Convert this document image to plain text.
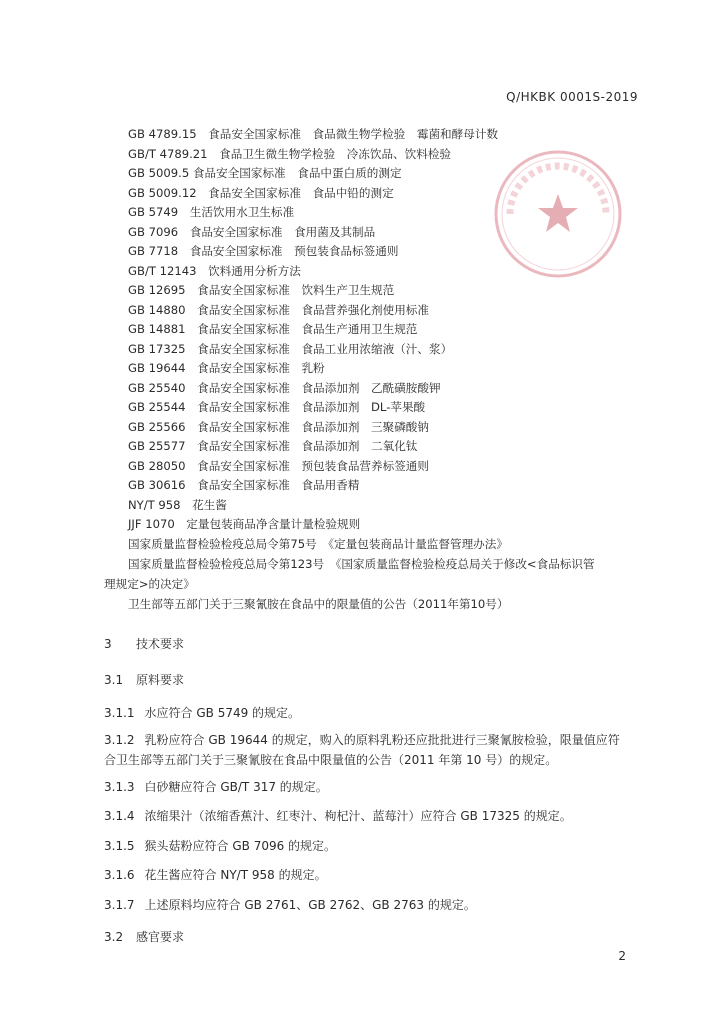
Q/HKBK 0001S-2019
GB 4789.15　食品安全国家标准　食品微生物学检验　霉菌和酵母计数
GB/T 4789.21　食品卫生微生物学检验　冷冻饮品、饮料检验
GB 5009.5 食品安全国家标准　食品中蛋白质的测定
GB 5009.12　食品安全国家标准　食品中铅的测定
GB 5749　生活饮用水卫生标准
GB 7096　食品安全国家标准　食用菌及其制品
GB 7718　食品安全国家标准　预包装食品标签通则
GB/T 12143　饮料通用分析方法
GB 12695　食品安全国家标准　饮料生产卫生规范
GB 14880　食品安全国家标准　食品营养强化剂使用标准
GB 14881　食品安全国家标准　食品生产通用卫生规范
GB 17325　食品安全国家标准　食品工业用浓缩液（汁、浆）
GB 19644　食品安全国家标准　乳粉
GB 25540　食品安全国家标准　食品添加剂　乙酰磺胺酸钾
GB 25544　食品安全国家标准　食品添加剂　DL-苹果酸
GB 25566　食品安全国家标准　食品添加剂　三聚磷酸钠
GB 25577　食品安全国家标准　食品添加剂　二氧化钛
GB 28050　食品安全国家标准　预包装食品营养标签通则
GB 30616　食品安全国家标准　食品用香精
NY/T 958　花生酱
JJF 1070　定量包装商品净含量计量检验规则
国家质量监督检验检疫总局令第75号　《定量包装商品计量监督管理办法》
国家质量监督检验检疫总局令第123号　《国家质量监督检验检疫总局关于修改<食品标识管
理规定>的决定》
卫生部等五部门关于三聚氰胺在食品中的限量值的公告（2011年第10号）
3 技术要求
3.1 原料要求
3.1.1 水应符合 GB 5749 的规定。
3.1.2 乳粉应符合 GB 19644 的规定，购入的原料乳粉还应批批进行三聚氰胺检验，限量值应符合卫生部等五部门关于三聚氰胺在食品中限量值的公告（2011 年第 10 号）的规定。
3.1.3 白砂糖应符合 GB/T 317 的规定。
3.1.4 浓缩果汁（浓缩香蕉汁、红枣汁、枸杞汁、蓝莓汁）应符合 GB 17325 的规定。
3.1.5 猴头菇粉应符合 GB 7096 的规定。
3.1.6 花生酱应符合 NY/T 958 的规定。
3.1.7 上述原料均应符合 GB 2761、GB 2762、GB 2763 的规定。
3.2 感官要求
2
